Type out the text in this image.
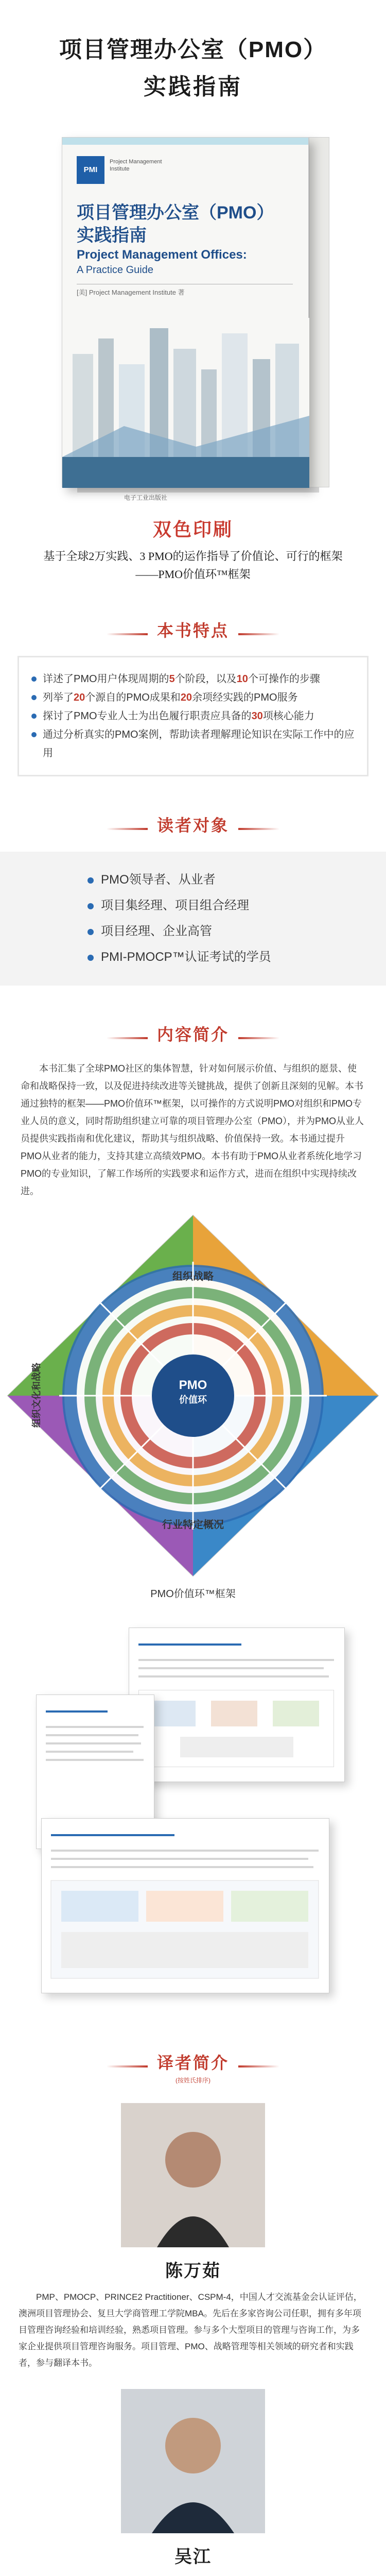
项目管理办公室（PMO）
实践指南
PMI
Project Management Institute
项目管理办公室（PMO）
实践指南
Project Management Offices:
A Practice Guide
[美] Project Management Institute 著
电子工业出版社
双色印刷
基于全球2万实践、3 PMO的运作指导了价值论、可行的框架
——PMO价值环™框架
本书特点
详述了PMO用户体现周期的5个阶段，以及10个可操作的步骤
列举了20个源自的PMO成果和20余项经实践的PMO服务
探讨了PMO专业人士为出色履行职责应具备的30项核心能力
通过分析真实的PMO案例，帮助读者理解理论知识在实际工作中的应用
读者对象
PMO领导者、从业者
项目集经理、项目组合经理
项目经理、企业高管
PMI-PMOCP™认证考试的学员
内容简介

本书汇集了全球PMO社区的集体智慧，针对如何展示价值、与组织的愿景、使命和战略保持一致，以及促进持续改进等关键挑战，提供了创新且深刻的见解。本书通过独特的框架——PMO价值环™框架，以可操作的方式说明PMO对组织和PMO专业人员的意义，同时帮助组织建立可靠的项目管理办公室（PMO），并为PMO从业人员提供实践指南和优化建议，帮助其与组织战略、价值保持一致。本书通过提升PMO从业者的能力，支持其建立高绩效PMO。本书有助于PMO从业者系统化地学习PMO的专业知识，了解工作场所的实践要求和运作方式，进而在组织中实现持续改进。

组织战略
行业特定概况
组织文化和战略	PMO
价值环
PMO价值环™框架
译者简介
(按姓氏排序)
陈万茹

PMP、PMOCP、PRINCE2 Practitioner、CSPM-4，中国人才交流基金会认证评估，澳洲项目管理协会、复旦大学商管理工学院MBA。先后在多家咨询公司任职，拥有多年项目管理咨询经验和培训经验，熟悉项目管理。参与多个大型项目的管理与咨询工作，为多家企业提供项目管理咨询服务。项目管理、PMO、战略管理等相关领域的研究者和实践者，参与翻译本书。

吴江
